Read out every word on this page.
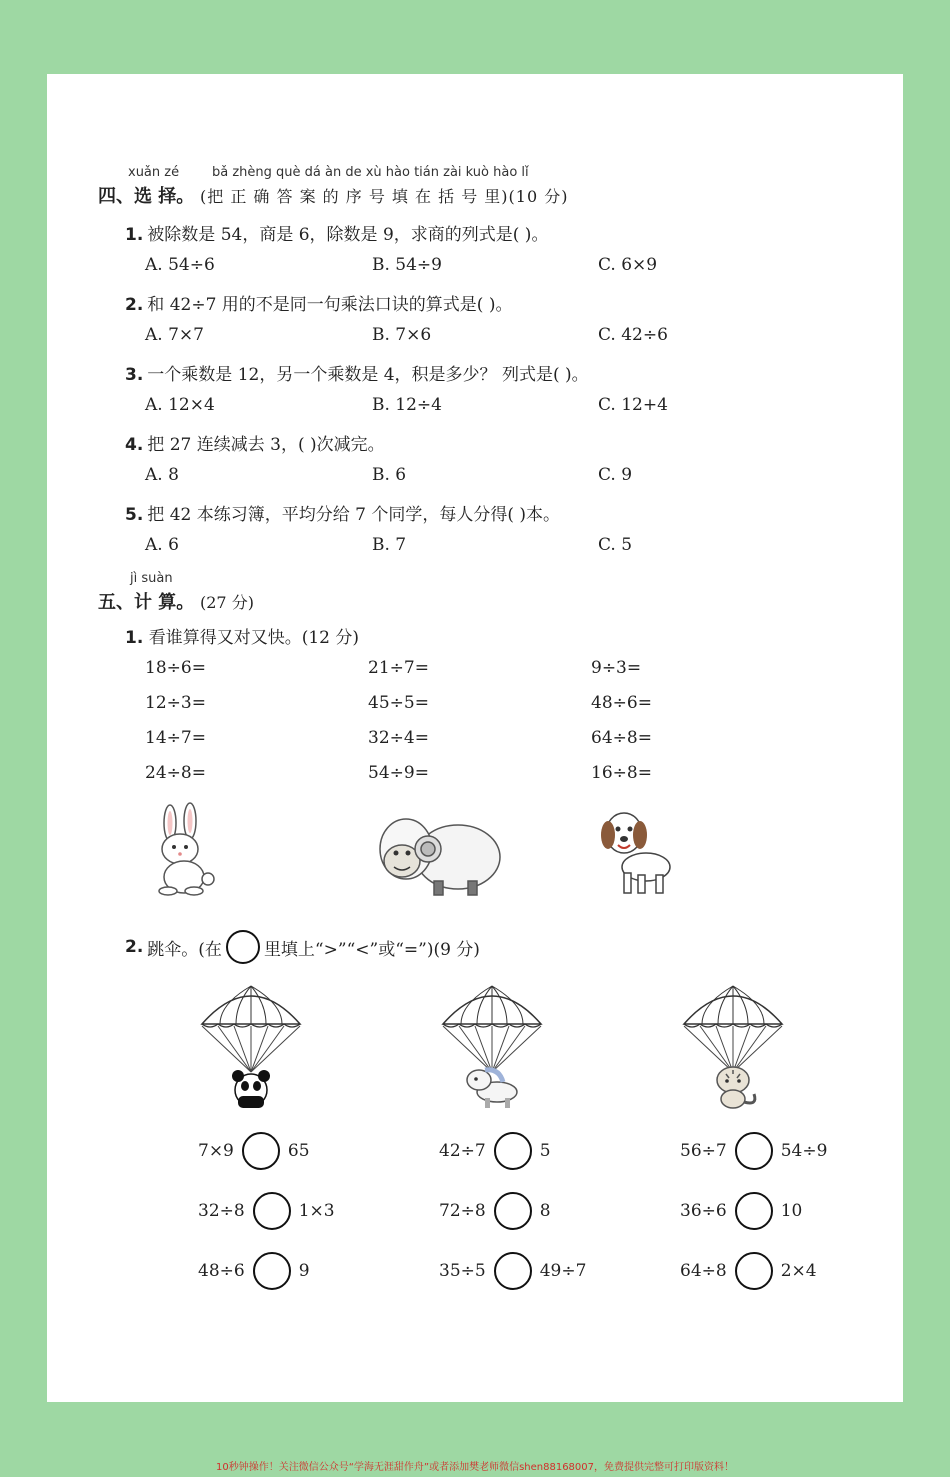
xuǎn zé	bǎ zhèng què dá àn de xù hào tián zài kuò hào lǐ
四、选 择。 (把 正 确 答 案 的 序 号 填 在 括 号 里)(10 分)
1. 被除数是 54，商是 6，除数是 9，求商的列式是( )。
A. 54÷6	B. 54÷9	C. 6×9
2. 和 42÷7 用的不是同一句乘法口诀的算式是( )。
A. 7×7	B. 7×6	C. 42÷6
3. 一个乘数是 12，另一个乘数是 4，积是多少？ 列式是( )。
A. 12×4	B. 12÷4	C. 12+4
4. 把 27 连续减去 3，( )次减完。
A. 8	B. 6	C. 9
5. 把 42 本练习簿，平均分给 7 个同学，每人分得( )本。
A. 6	B. 7	C. 5
jì suàn
五、计 算。 (27 分)
1. 看谁算得又对又快。(12 分)
18÷6=	21÷7=	9÷3=
12÷3=	45÷5=	48÷6=
14÷7=	32÷4=	64÷8=
24÷8=	54÷9=	16÷8=
2. 跳伞。(在 里填上“>”“<”或“=”)(9 分)
7×9	65
32÷8	1×3
48÷6	9
42÷7	5
72÷8	8
35÷5	49÷7
56÷7	54÷9
36÷6	10
64÷8	2×4
10秒钟操作！关注微信公众号“学海无涯甜作舟”或者添加樊老师微信shen88168007，免费提供完整可打印版资料！
